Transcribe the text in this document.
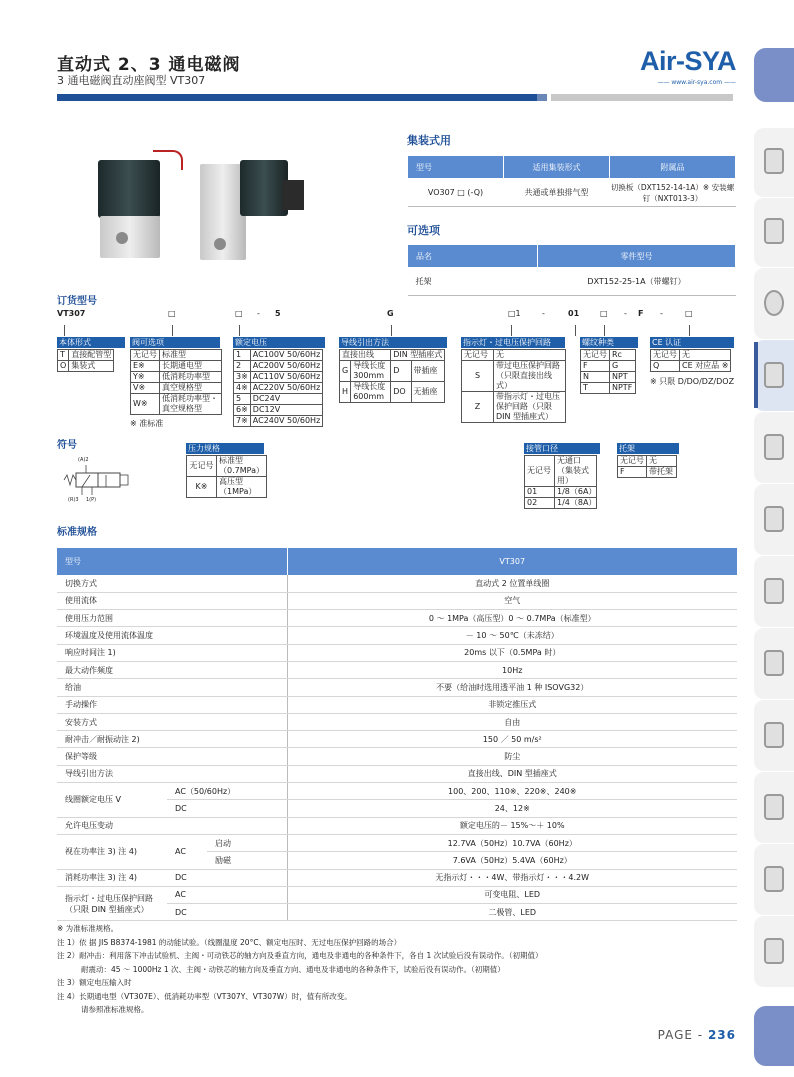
直动式 2、3 通电磁阀
3 通电磁阀直动座阀型 VT307
Air-SYA
—— www.air-sya.com ——
集装式用
型号	适用集装形式	附属品
VO307 □ (-Q)	共通或单独排气型	切换板（DXT152-14-1A）※ 安装螺钉（NXT013-3）
可选项
品名	零件型号
托架	DXT152-25-1A（带螺钉）
订货型号
VT307	□	□ - 5	G	□1	-	01	□ - F -	□
本体形式
T	直接配管型
O	集装式
阀可选项
无记号	标准型
E※	长期通电型
Y※	低消耗功率型
V※	真空规格型
W※	低消耗功率型・真空规格型
※ 准标准
额定电压
1	AC100V 50/60Hz
2	AC200V 50/60Hz
3※	AC110V 50/60Hz
4※	AC220V 50/60Hz
5	DC24V
6※	DC12V
7※	AC240V 50/60Hz
导线引出方法
直接出线		DIN 型插座式	
G	导线长度 300mm	D	带插座
H	导线长度 600mm	DO	无插座
指示灯・过电压保护回路
无记号	无
S	带过电压保护回路（只限直接出线式）
Z	带指示灯・过电压保护回路（只限 DIN 型插座式）
螺纹种类
无记号	Rc
F	G
N	NPT
T	NPTF
CE 认证
无记号	无
Q	CE 对应品 ※
※ 只限 D/DO/DZ/DOZ
符号
(A)2
(R)3 1(P)
压力规格
无记号	标准型（0.7MPa）
K※	高压型（1MPa）
接管口径
无记号	无通口（集装式用）
01	1/8（6A）
02	1/4（8A）
托架
无记号	无
F	带托架
标准规格
型号			VT307
切换方式			直动式 2 位置单线圈
使用流体			空气
使用压力范围			0 ～ 1MPa（高压型）0 ～ 0.7MPa（标准型）
环境温度及使用流体温度			－ 10 ～ 50℃（未冻结）
响应时间注 1)			20ms 以下（0.5MPa 时）
最大动作频度			10Hz
给油			不要（给油时选用透平油 1 种 ISOVG32）
手动操作			非锁定推压式
安装方式			自由
耐冲击／耐振动注 2)			150 ／ 50 m/s²
保护等级			防尘
导线引出方法			直接出线、DIN 型插座式
线圈额定电压 V	AC（50/60Hz）		100、200、110※、220※、240※
	DC		24、12※
允许电压变动			额定电压的－ 15%～＋ 10%
视在功率注 3) 注 4)	AC	启动	12.7VA（50Hz）10.7VA（60Hz）
		励磁	7.6VA（50Hz）5.4VA（60Hz）
消耗功率注 3) 注 4)	DC		无指示灯・・・4W、带指示灯・・・4.2W
指示灯・过电压保护回路（只限 DIN 型插座式）	AC		可变电阻、LED
	DC		二极管、LED
※ 为准标准规格。
注 1）依 据 JIS B8374-1981 的动能试验。（线圈温度 20°C、额定电压时、无过电压保护回路的场合）
注 2）耐冲击：利用落下冲击试验机、主阀・可动铁芯的轴方向及垂直方向，通电及非通电的各种条件下，各自 1 次试验后没有误动作。（初期值）
耐震动：45 ～ 1000Hz 1 次、主阀・动铁芯的轴方向及垂直方向、通电及非通电的各种条件下，试验后没有误动作。（初期值）
注 3）额定电压输入时
注 4）长期通电型（VT307E）、低消耗功率型（VT307Y、VT307W）时，值有所改变。
请参照准标准规格。
PAGE - 236
